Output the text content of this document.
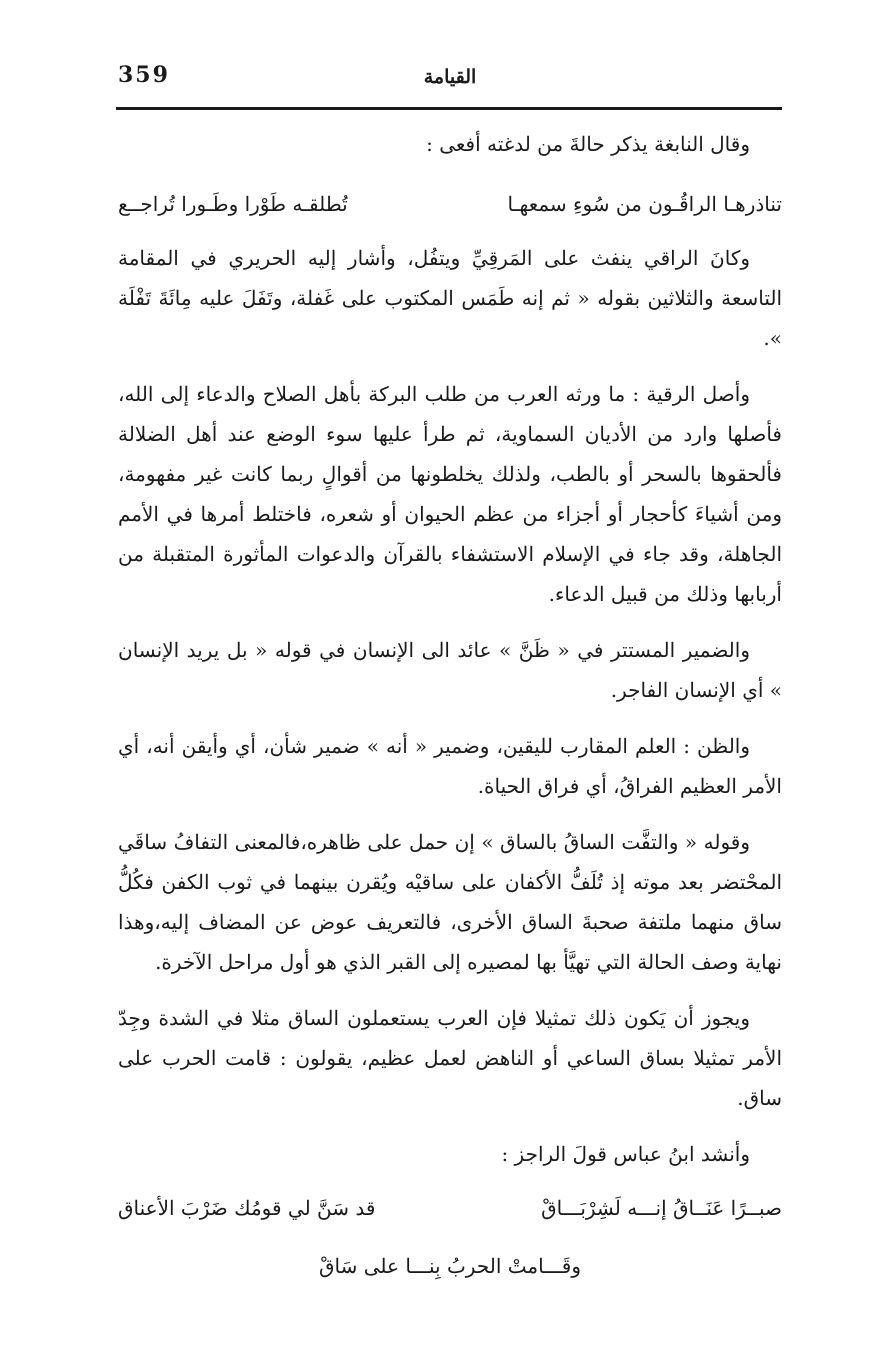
359	القيامة

وقال النابغة يذكر حالةَ من لدغته أفعى :

تناذرهـا الراقُـون من سُوءِ سمعهـا
تُطلقـه طَوْرا وطَـورا تُراجــع

وكانَ الراقي ينفث على المَرقِيِّ ويتفُل، وأشار إليه الحريري في المقامة التاسعة والثلاثين بقوله « ثم إنه طَمَس المكتوب على غَفلة، وتَفَلَ عليه مِائَةَ تَفْلَة ».

وأصل الرقية : ما ورثه العرب من طلب البركة بأهل الصلاح والدعاء إلى الله، فأصلها وارد من الأديان السماوية، ثم طرأ عليها سوء الوضع عند أهل الضلالة فألحقوها بالسحر أو بالطب، ولذلك يخلطونها من أقوالٍ ربما كانت غير مفهومة، ومن أشياءَ كأحجار أو أجزاء من عظم الحيوان أو شعره، فاختلط أمرها في الأمم الجاهلة، وقد جاء في الإسلام الاستشفاء بالقرآن والدعوات المأثورة المتقبلة من أربابها وذلك من قبيل الدعاء.

والضمير المستتر في « ظَنَّ » عائد الى الإنسان في قوله « بل يريد الإنسان » أي الإنسان الفاجر.

والظن : العلم المقارب لليقين، وضمير « أنه » ضمير شأن، أي وأيقن أنه، أي الأمر العظيم الفراقُ، أي فراق الحياة.

وقوله « والتفَّت الساقُ بالساق » إن حمل على ظاهره،فالمعنى التفافُ ساقَي المحْتضر بعد موته إذ تُلَفُّ الأكفان على ساقيْه ويُقرن بينهما في ثوب الكفن فكُلُّ ساق منهما ملتفة صحبةَ الساق الأخرى، فالتعريف عوض عن المضاف إليه،وهذا نهاية وصف الحالة التي تهيَّأ بها لمصيره إلى القبر الذي هو أول مراحل الآخرة.

ويجوز أن يَكون ذلك تمثيلا فإن العرب يستعملون الساق مثلا في الشدة وجِدّ الأمر تمثيلا بساق الساعي أو الناهض لعمل عظيم، يقولون : قامت الحرب على ساق.

وأنشد ابنُ عباس قولَ الراجز :

صبــرًا عَنَــاقُ إنـــه لَشِرْبَـــاقْ
قد سَنَّ لي قومُك ضَرْبَ الأعناق
وقَـــامتْ الحربُ بِنـــا على سَاقْ
